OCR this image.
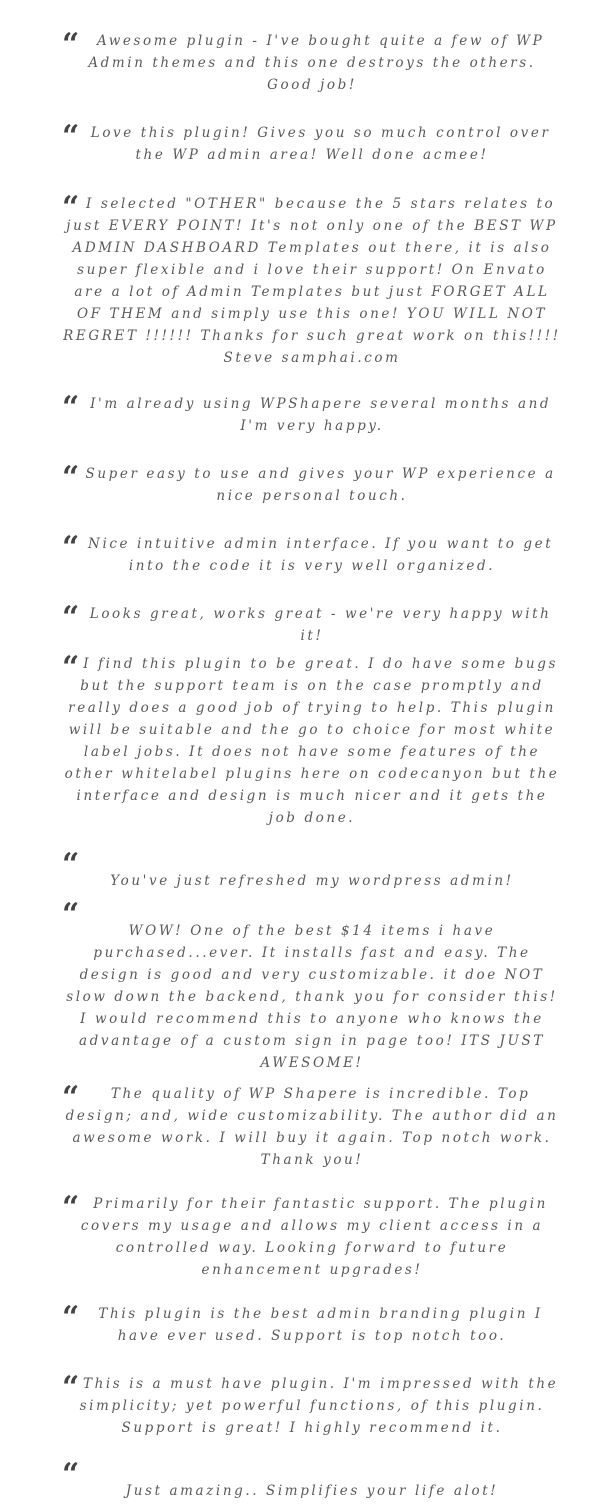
“ Awesome plugin - I've bought quite a few of WP Admin themes and this one destroys the others. Good job!
“ Love this plugin! Gives you so much control over the WP admin area! Well done acmee!
“ I selected "OTHER" because the 5 stars relates to just EVERY POINT! It's not only one of the BEST WP ADMIN DASHBOARD Templates out there, it is also super flexible and i love their support! On Envato are a lot of Admin Templates but just FORGET ALL OF THEM and simply use this one! YOU WILL NOT REGRET !!!!!! Thanks for such great work on this!!!! Steve samphai.com
“ I'm already using WPShapere several months and I'm very happy.
“ Super easy to use and gives your WP experience a nice personal touch.
“ Nice intuitive admin interface. If you want to get into the code it is very well organized.
“ Looks great, works great - we're very happy with it!
“ I find this plugin to be great. I do have some bugs but the support team is on the case promptly and really does a good job of trying to help. This plugin will be suitable and the go to choice for most white label jobs. It does not have some features of the other whitelabel plugins here on codecanyon but the interface and design is much nicer and it gets the job done.
“	You've just refreshed my wordpress admin!
“	WOW! One of the best $14 items i have purchased...ever. It installs fast and easy. The design is good and very customizable. it doe NOT slow down the backend, thank you for consider this! I would recommend this to anyone who knows the advantage of a custom sign in page too! ITS JUST AWESOME!
“ The quality of WP Shapere is incredible. Top design; and, wide customizability. The author did an awesome work. I will buy it again. Top notch work. Thank you!
“ Primarily for their fantastic support. The plugin covers my usage and allows my client access in a controlled way. Looking forward to future enhancement upgrades!
“ This plugin is the best admin branding plugin I have ever used. Support is top notch too.
“ This is a must have plugin. I'm impressed with the simplicity; yet powerful functions, of this plugin. Support is great! I highly recommend it.
“	Just amazing.. Simplifies your life alot!
